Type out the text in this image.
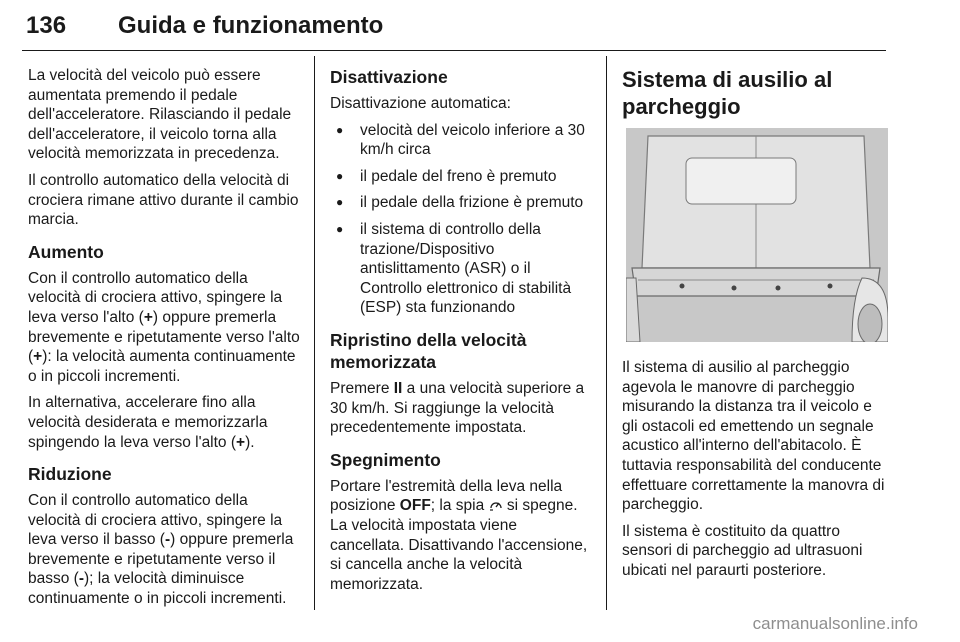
136 Guida e funzionamento

La velocità del veicolo può essere aumentata premendo il pedale dell'acceleratore. Rilasciando il pedale dell'acceleratore, il veicolo torna alla velocità memorizzata in precedenza.

Il controllo automatico della velocità di crociera rimane attivo durante il cambio marcia.

Aumento

Con il controllo automatico della velocità di crociera attivo, spingere la leva verso l'alto (+) oppure premerla brevemente e ripetutamente verso l'alto (+): la velocità aumenta continuamente o in piccoli incrementi.

In alternativa, accelerare fino alla velocità desiderata e memorizzarla spingendo la leva verso l'alto (+).

Riduzione

Con il controllo automatico della velocità di crociera attivo, spingere la leva verso il basso (-) oppure premerla brevemente e ripetutamente verso il basso (-); la velocità diminuisce continuamente o in piccoli incrementi.

Disattivazione

Disattivazione automatica:

● velocità del veicolo inferiore a 30 km/h circa
● il pedale del freno è premuto
● il pedale della frizione è premuto
● il sistema di controllo della trazione/Dispositivo antislittamento (ASR) o il Controllo elettronico di stabilità (ESP) sta funzionando
Ripristino della velocità memorizzata

Premere II a una velocità superiore a 30 km/h. Si raggiunge la velocità precedentemente impostata.

Spegnimento

Portare l'estremità della leva nella posizione OFF; la spia  si spegne. La velocità impostata viene cancellata. Disattivando l'accensione, si cancella anche la velocità memorizzata.

Sistema di ausilio al parcheggio

Il sistema di ausilio al parcheggio agevola le manovre di parcheggio misurando la distanza tra il veicolo e gli ostacoli ed emettendo un segnale acustico all'interno dell'abitacolo. È tuttavia responsabilità del conducente effettuare correttamente la manovra di parcheggio.

Il sistema è costituito da quattro sensori di parcheggio ad ultrasuoni ubicati nel paraurti posteriore.

carmanualsonline.info
